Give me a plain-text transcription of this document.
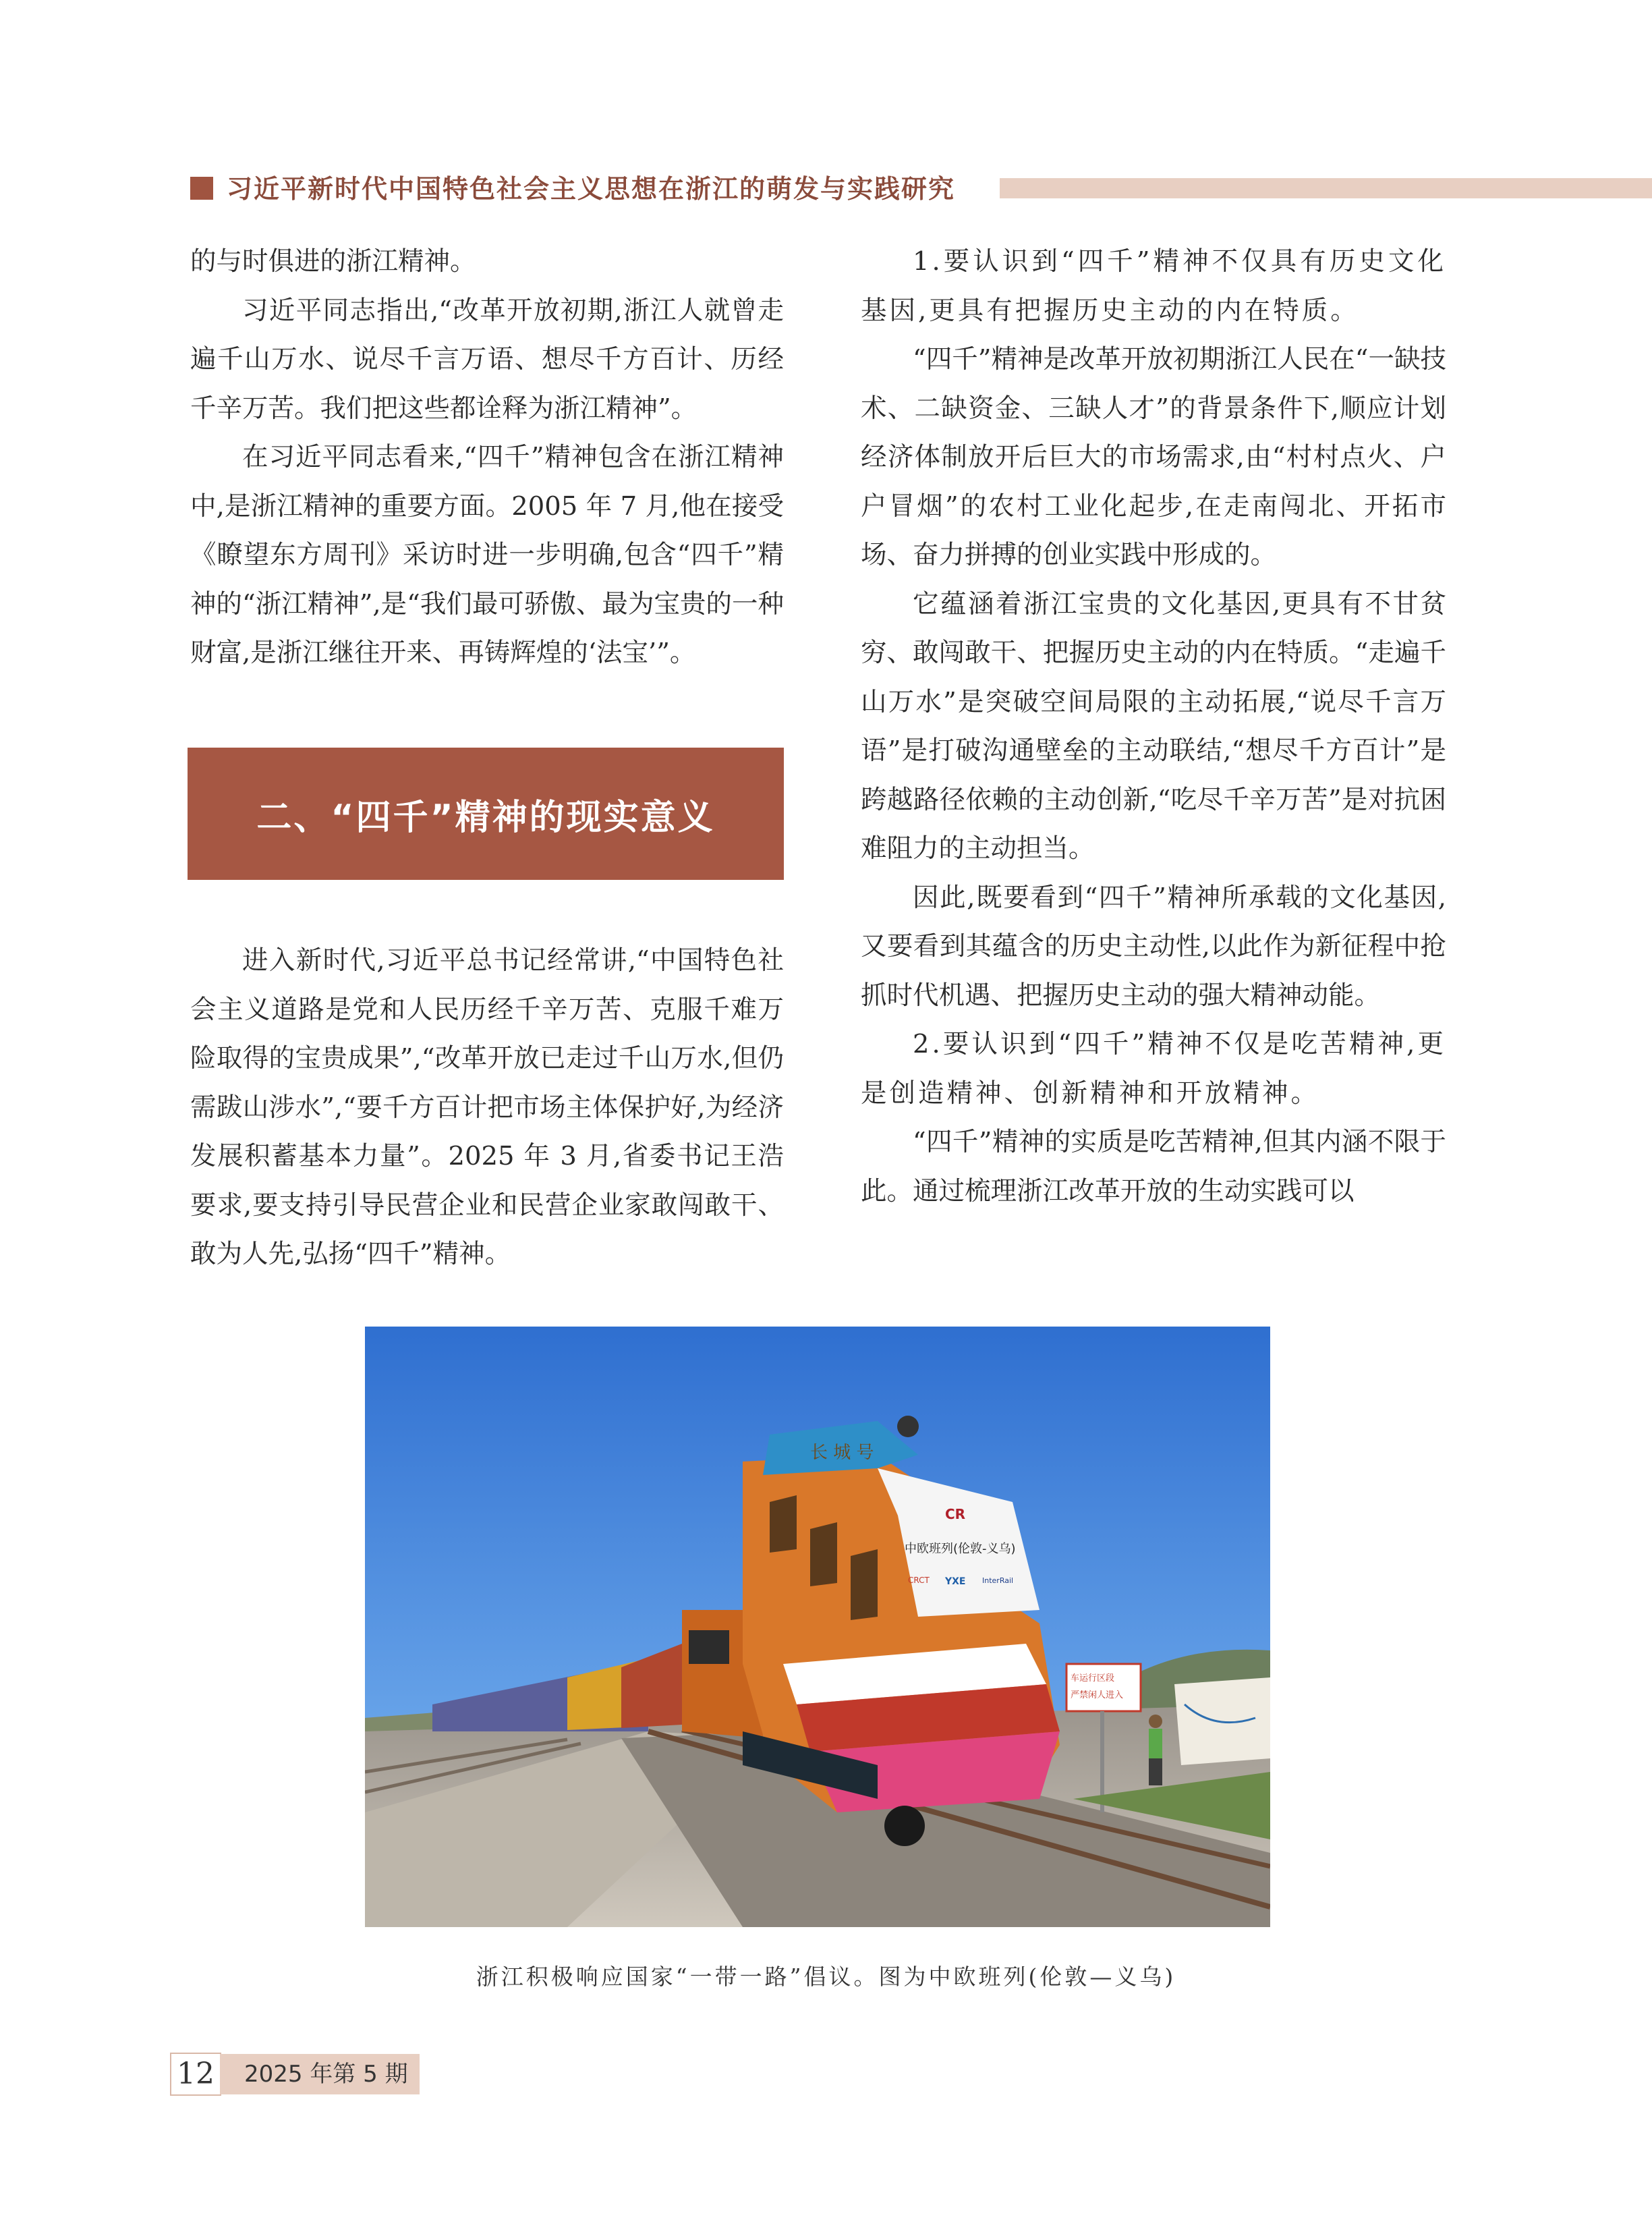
习近平新时代中国特色社会主义思想在浙江的萌发与实践研究

的与时俱进的浙江精神。

习近平同志指出,“改革开放初期,浙江人就曾走遍千山万水、说尽千言万语、想尽千方百计、历经千辛万苦。我们把这些都诠释为浙江精神”。

在习近平同志看来,“四千”精神包含在浙江精神中,是浙江精神的重要方面。2005 年 7 月,他在接受《瞭望东方周刊》采访时进一步明确,包含“四千”精神的“浙江精神”,是“我们最可骄傲、最为宝贵的一种财富,是浙江继往开来、再铸辉煌的‘法宝’”。

二、“四千”精神的现实意义

进入新时代,习近平总书记经常讲,“中国特色社会主义道路是党和人民历经千辛万苦、克服千难万险取得的宝贵成果”,“改革开放已走过千山万水,但仍需跋山涉水”,“要千方百计把市场主体保护好,为经济发展积蓄基本力量”。2025 年 3 月,省委书记王浩要求,要支持引导民营企业和民营企业家敢闯敢干、敢为人先,弘扬“四千”精神。

1.要认识到“四千”精神不仅具有历史文化基因,更具有把握历史主动的内在特质。

“四千”精神是改革开放初期浙江人民在“一缺技术、二缺资金、三缺人才”的背景条件下,顺应计划经济体制放开后巨大的市场需求,由“村村点火、户户冒烟”的农村工业化起步,在走南闯北、开拓市场、奋力拼搏的创业实践中形成的。

它蕴涵着浙江宝贵的文化基因,更具有不甘贫穷、敢闯敢干、把握历史主动的内在特质。“走遍千山万水”是突破空间局限的主动拓展,“说尽千言万语”是打破沟通壁垒的主动联结,“想尽千方百计”是跨越路径依赖的主动创新,“吃尽千辛万苦”是对抗困难阻力的主动担当。

因此,既要看到“四千”精神所承载的文化基因,又要看到其蕴含的历史主动性,以此作为新征程中抢抓时代机遇、把握历史主动的强大精神动能。

2.要认识到“四千”精神不仅是吃苦精神,更是创造精神、创新精神和开放精神。

“四千”精神的实质是吃苦精神,但其内涵不限于此。通过梳理浙江改革开放的生动实践可以

长 城 号
CR
中欧班列(伦敦-义乌)
CRCT YXE InterRail
车运行区段
严禁闲人进入
浙江积极响应国家“一带一路”倡议。图为中欧班列(伦敦—义乌)
12	2025 年第 5 期
